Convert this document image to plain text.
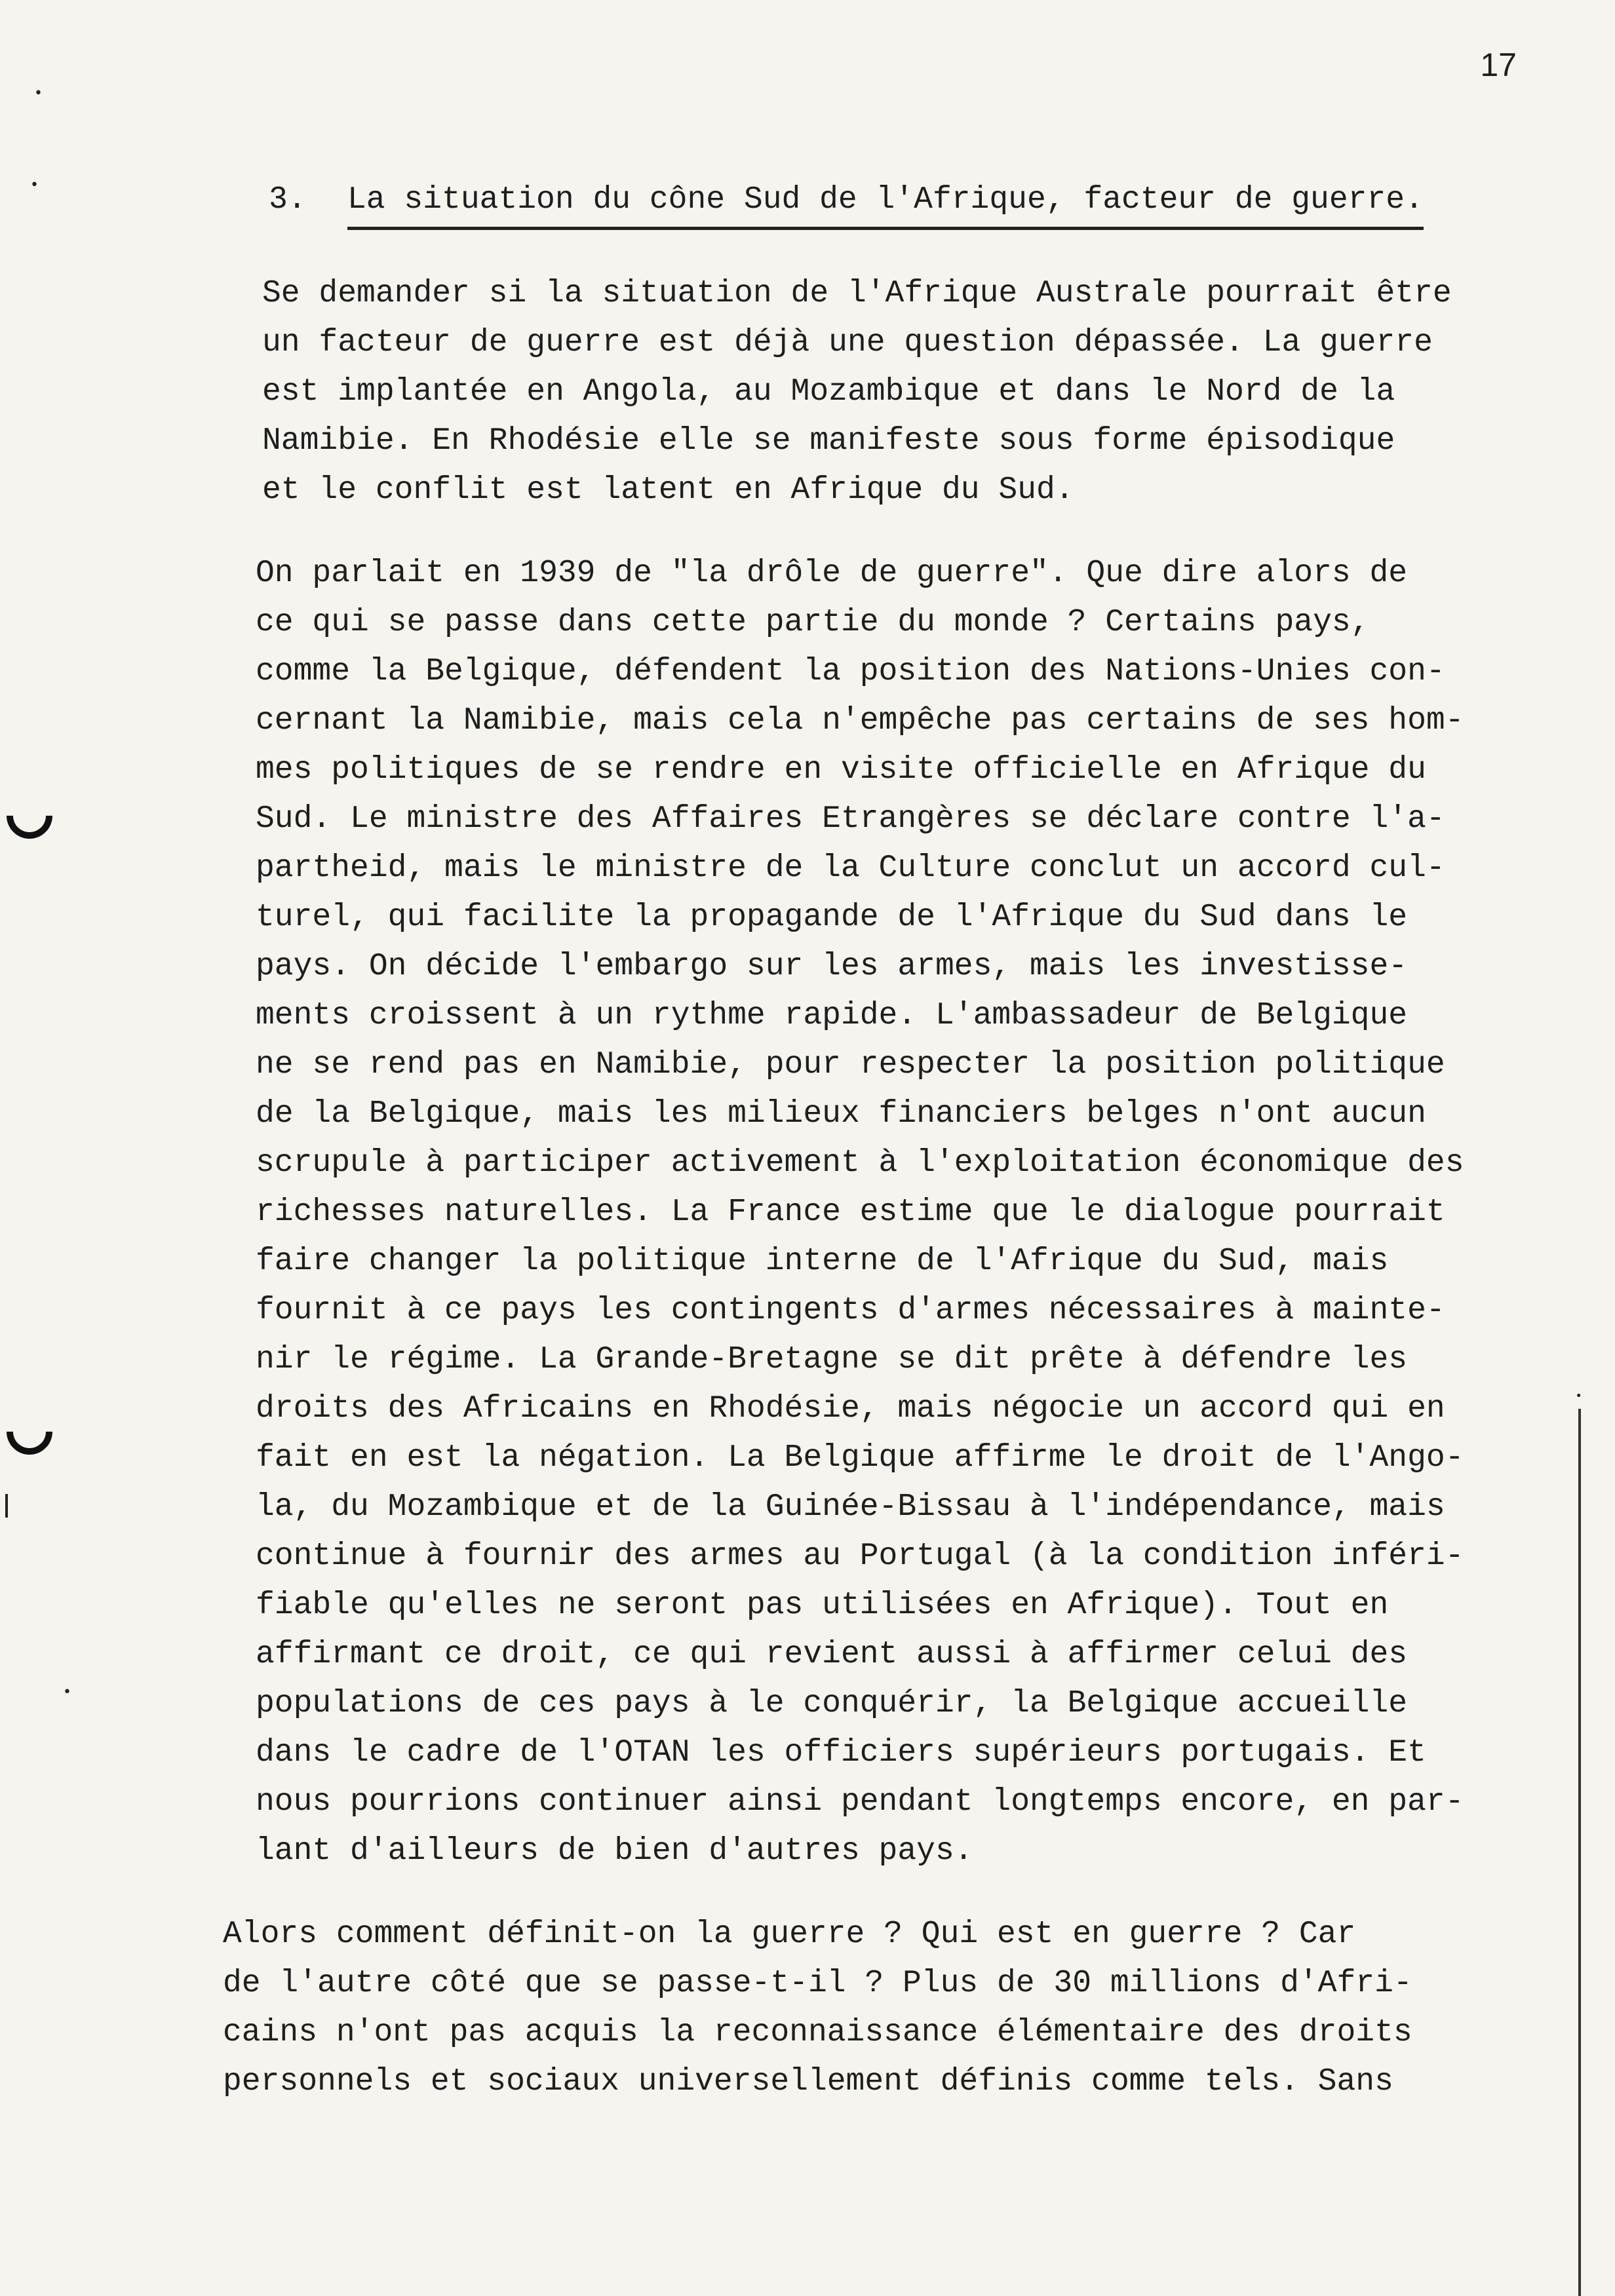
17
3. La situation du cône Sud de l'Afrique, facteur de guerre.

Se demander si la situation de l'Afrique Australe pourrait être
un facteur de guerre est déjà une question dépassée. La guerre
est implantée en Angola, au Mozambique et dans le Nord de la
Namibie. En Rhodésie elle se manifeste sous forme épisodique
et le conflit est latent en Afrique du Sud.

On parlait en 1939 de "la drôle de guerre". Que dire alors de
ce qui se passe dans cette partie du monde ? Certains pays,
comme la Belgique, défendent la position des Nations-Unies con-
cernant la Namibie, mais cela n'empêche pas certains de ses hom-
mes politiques de se rendre en visite officielle en Afrique du
Sud. Le ministre des Affaires Etrangères se déclare contre l'a-
partheid, mais le ministre de la Culture conclut un accord cul-
turel, qui facilite la propagande de l'Afrique du Sud dans le
pays. On décide l'embargo sur les armes, mais les investisse-
ments croissent à un rythme rapide. L'ambassadeur de Belgique
ne se rend pas en Namibie, pour respecter la position politique
de la Belgique, mais les milieux financiers belges n'ont aucun
scrupule à participer activement à l'exploitation économique des
richesses naturelles. La France estime que le dialogue pourrait
faire changer la politique interne de l'Afrique du Sud, mais
fournit à ce pays les contingents d'armes nécessaires à mainte-
nir le régime. La Grande-Bretagne se dit prête à défendre les
droits des Africains en Rhodésie, mais négocie un accord qui en
fait en est la négation. La Belgique affirme le droit de l'Ango-
la, du Mozambique et de la Guinée-Bissau à l'indépendance, mais
continue à fournir des armes au Portugal (à la condition inféri-
fiable qu'elles ne seront pas utilisées en Afrique). Tout en
affirmant ce droit, ce qui revient aussi à affirmer celui des
populations de ces pays à le conquérir, la Belgique accueille
dans le cadre de l'OTAN les officiers supérieurs portugais. Et
nous pourrions continuer ainsi pendant longtemps encore, en par-
lant d'ailleurs de bien d'autres pays.

Alors comment définit-on la guerre ? Qui est en guerre ? Car
de l'autre côté que se passe-t-il ? Plus de 30 millions d'Afri-
cains n'ont pas acquis la reconnaissance élémentaire des droits
personnels et sociaux universellement définis comme tels. Sans

•
•
•
•
